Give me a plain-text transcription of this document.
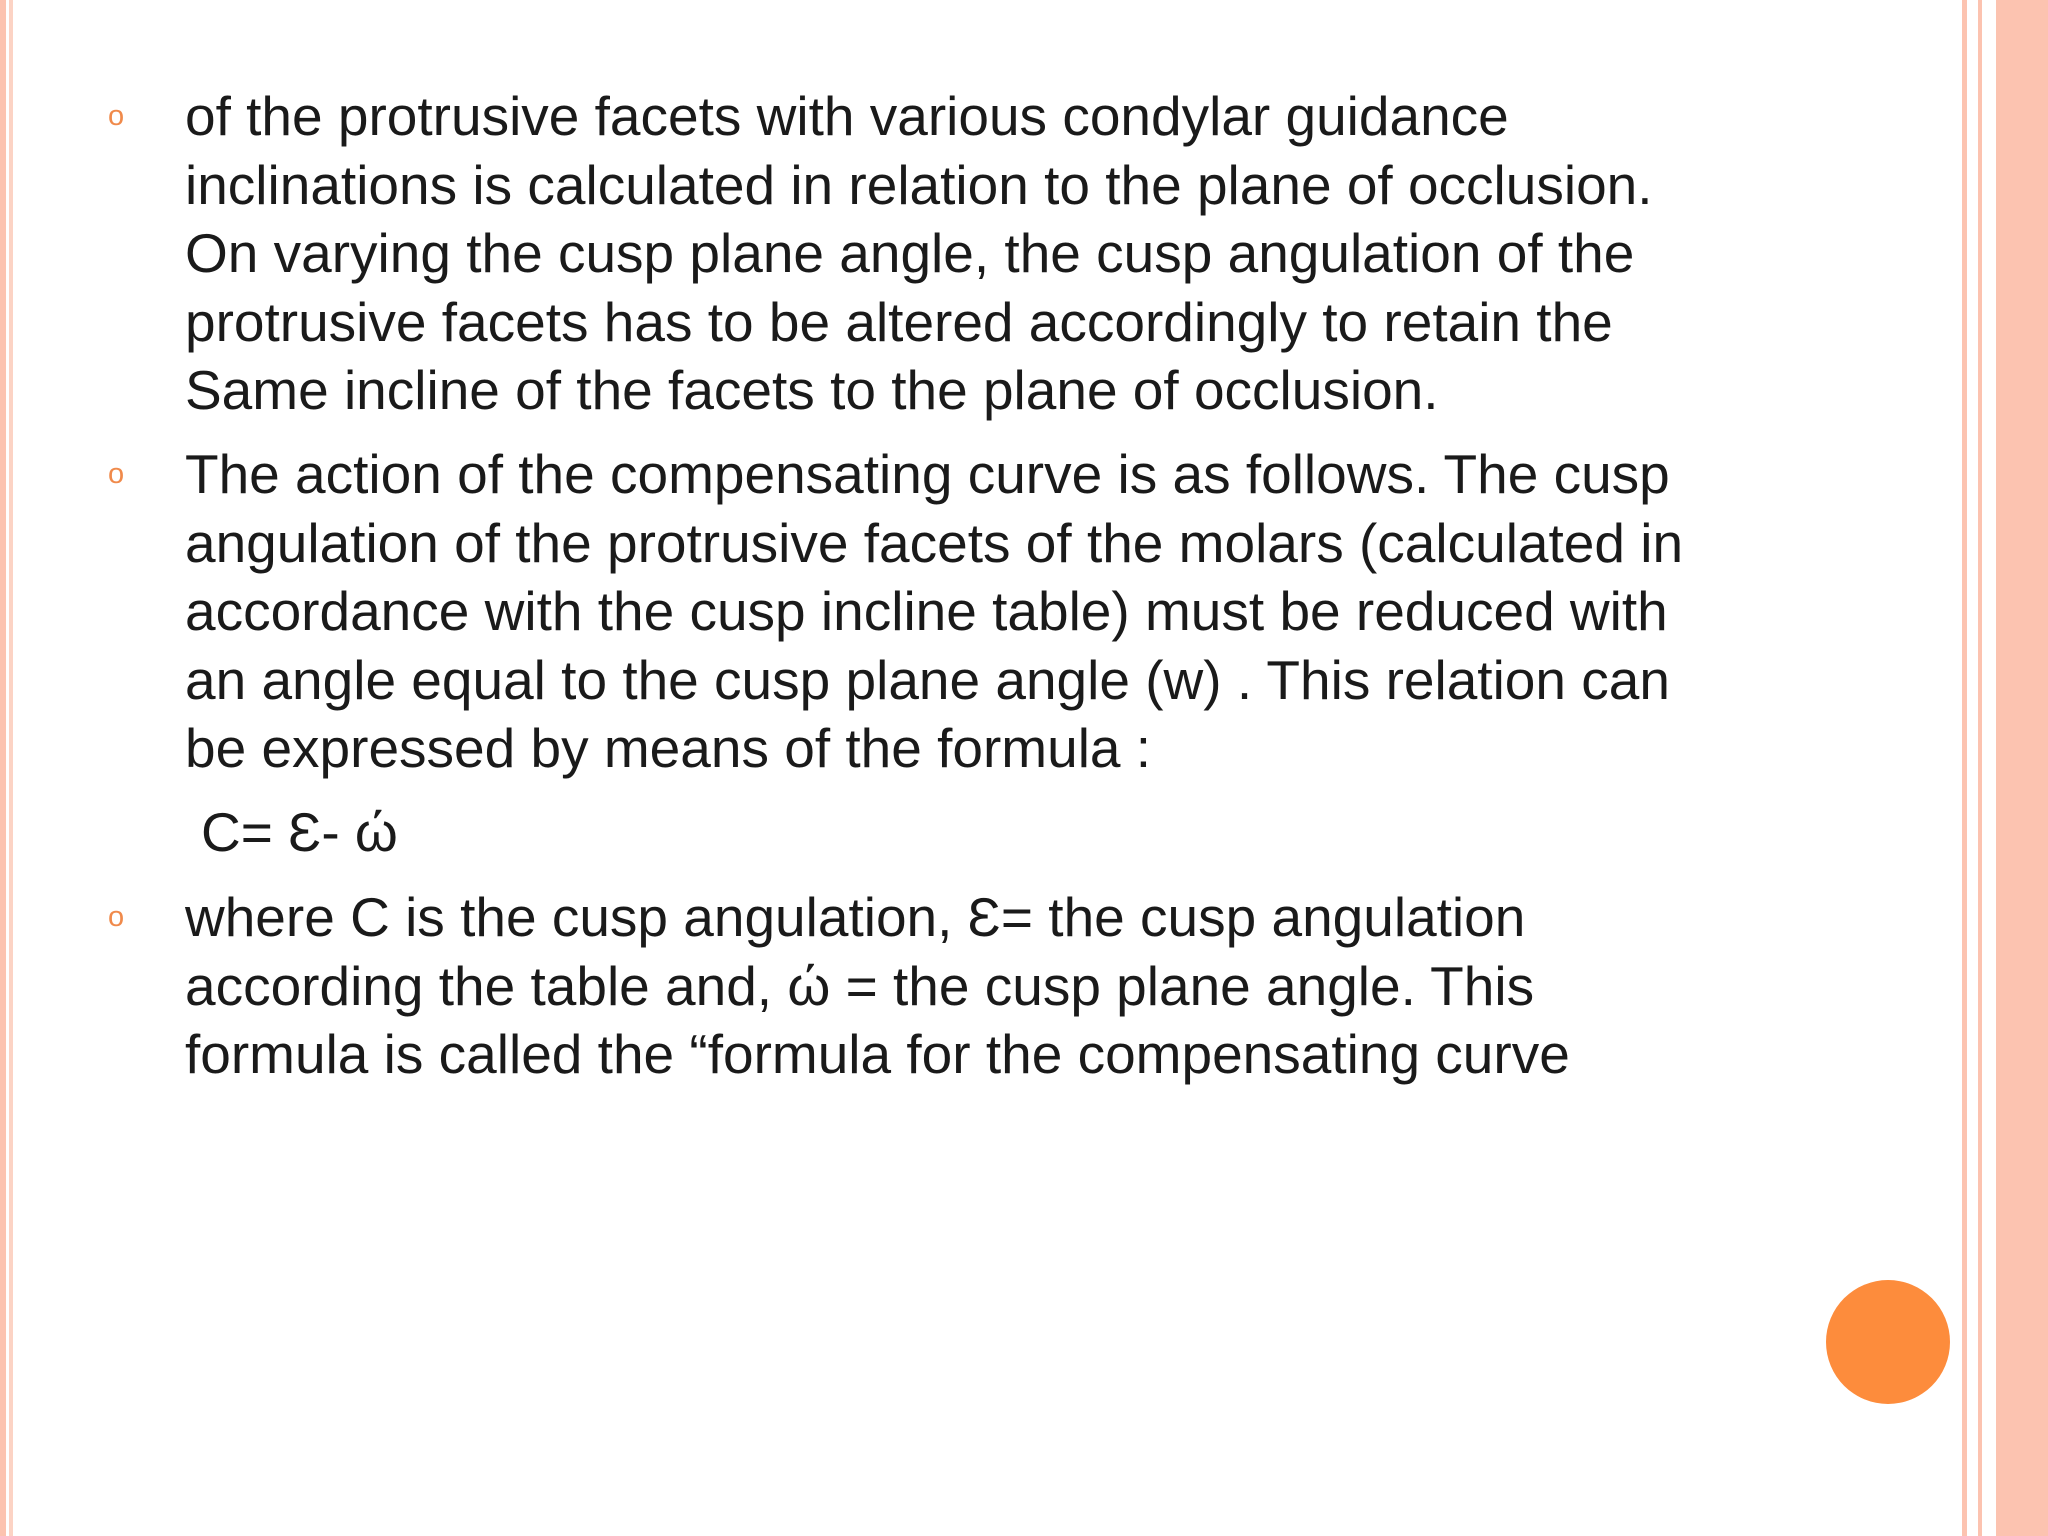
o of the protrusive facets with various condylar guidance
inclinations is calculated in relation to the plane of occlusion.
On varying the cusp plane angle, the cusp angulation of the
protrusive facets has to be altered accordingly to retain the
Same incline of the facets to the plane of occlusion.
o The action of the compensating curve is as follows. The cusp
angulation of the protrusive facets of the molars (calculated in
accordance with the cusp incline table) must be reduced with
an angle equal to the cusp plane angle (w) . This relation can
be expressed by means of the formula :
C= Ɛ- ώ
o where C is the cusp angulation, Ɛ= the cusp angulation
according the table and, ώ = the cusp plane angle. This
formula is called the “formula for the compensating curve
